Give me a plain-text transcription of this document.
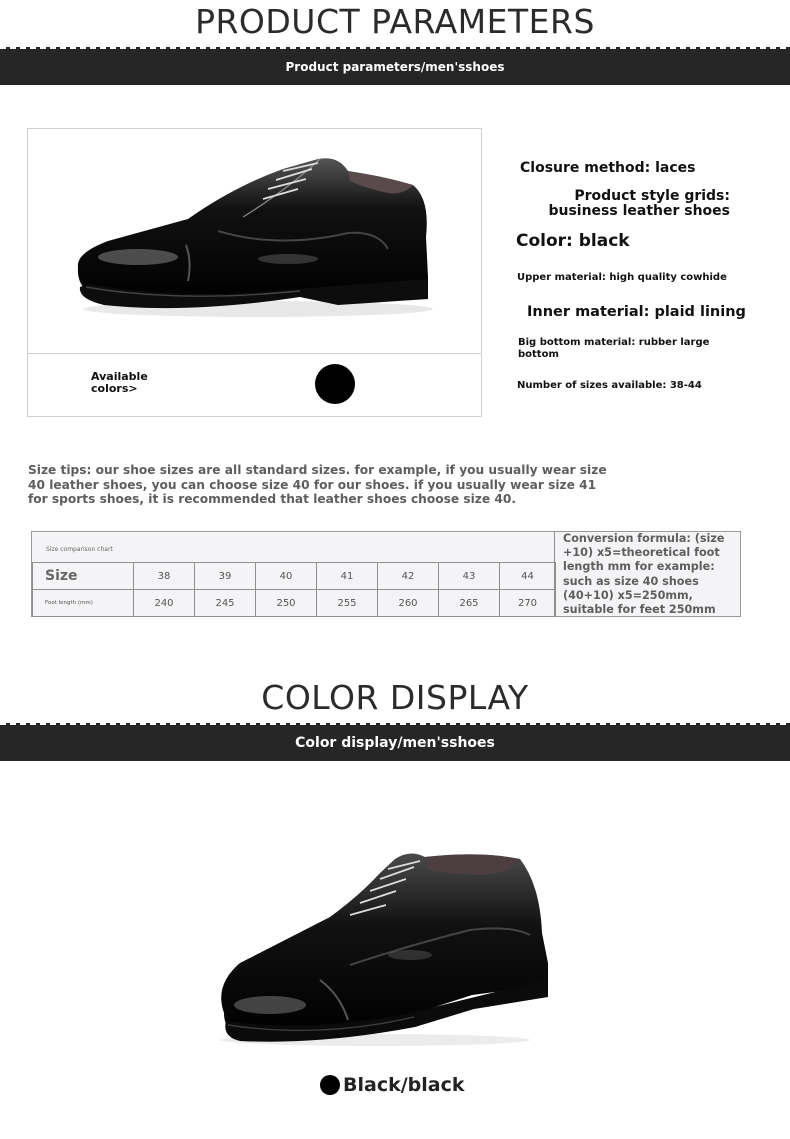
PRODUCT PARAMETERS
Product parameters/men'sshoes
Available colors>
Closure method: laces
Product style grids: business leather shoes
Color: black
Upper material: high quality cowhide
Inner material: plaid lining
Big bottom material: rubber large bottom
Number of sizes available: 38-44
Size tips: our shoe sizes are all standard sizes. for example, if you usually wear size 40 leather shoes, you can choose size 40 for our shoes. if you usually wear size 41 for sports shoes, it is recommended that leather shoes choose size 40.
Size comparison chart
Size	38	39	40	41	42	43	44
Foot length (mm)	240	245	250	255	260	265	270
Conversion formula: (size +10) x5=theoretical foot length mm for example: such as size 40 shoes (40+10) x5=250mm, suitable for feet 250mm
COLOR DISPLAY
Color display/men'sshoes
Black/black
